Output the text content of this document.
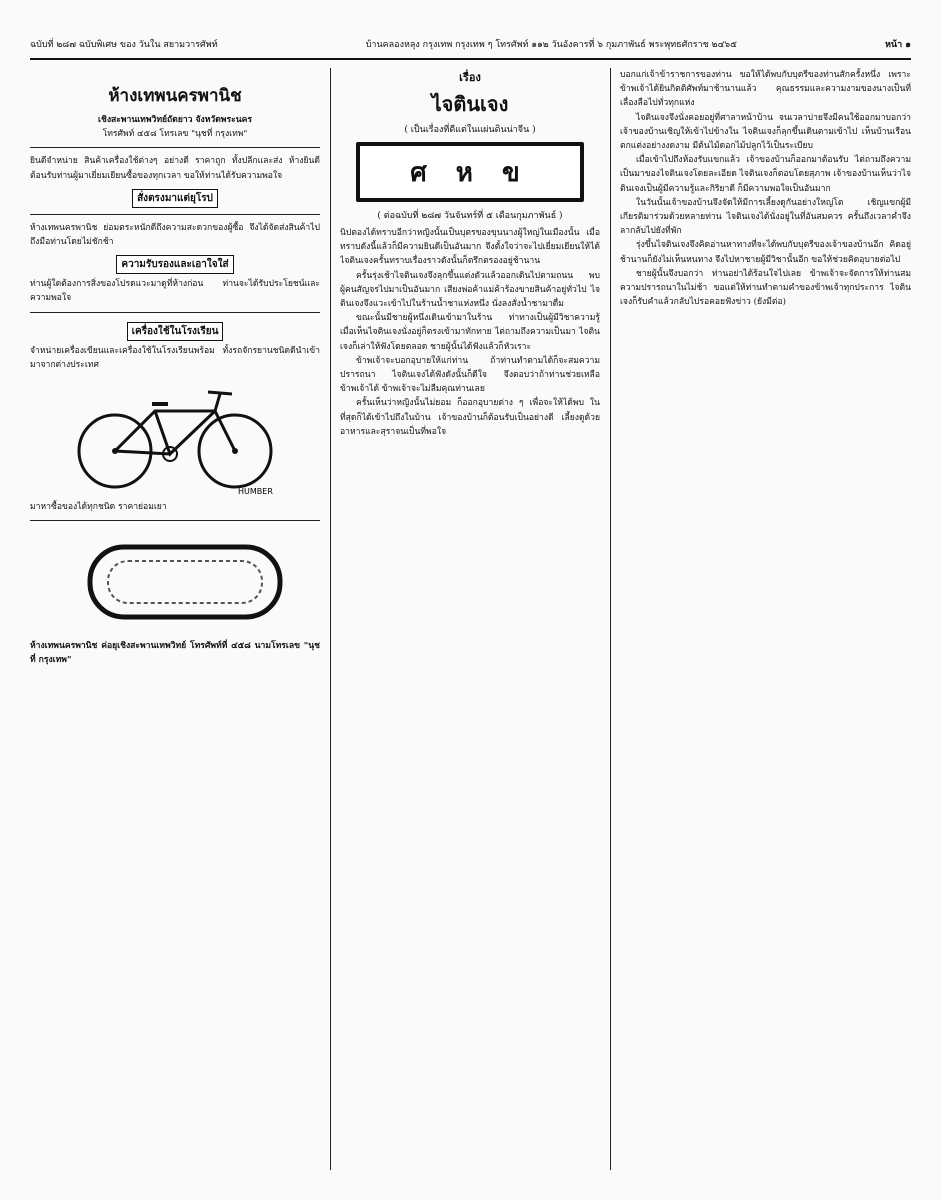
ฉบับที่ ๒๘๗ ฉบับพิเศษ ของ วันใน สยามวารศัพท์	บ้านคลองหลุง กรุงเทพ กรุงเทพ ๆ โทรศัพท์ ๑๑๒ วันอังคารที่ ๖ กุมภาพันธ์ พระพุทธศักราช ๒๔๖๕	หน้า ๑
ห้างเทพนครพานิช

เชิงสะพานเทพวิทย์ถัดยาว จังหวัดพระนคร

โทรศัพท์ ๔๕๘ โทรเลข "นุชที่ กรุงเทพ"

ยินดีจำหน่าย สินค้าเครื่องใช้ต่างๆ อย่างดี ราคาถูก ทั้งปลีกและส่ง ห้างยินดีต้อนรับท่านผู้มาเยี่ยมเยียนซื้อของทุกเวลา ขอให้ท่านได้รับความพอใจ

สั่งตรงมาแต่ยุโรป

ห้างเทพนครพานิช ย่อมตระหนักดีถึงความสะดวกของผู้ซื้อ จึงได้จัดส่งสินค้าไปถึงมือท่านโดยไม่ชักช้า

ความรับรองและเอาใจใส่

ท่านผู้ใดต้องการสิ่งของโปรดแวะมาดูที่ห้างก่อน ท่านจะได้รับประโยชน์และความพอใจ

เครื่องใช้ในโรงเรียน

จำหน่ายเครื่องเขียนและเครื่องใช้ในโรงเรียนพร้อม ทั้งรถจักรยานชนิดดีนำเข้ามาจากต่างประเทศ

HUMBER

มาหาซื้อของได้ทุกชนิด ราคาย่อมเยา

ห้างเทพนครพานิช ค่อยุเชิงสะพานเทพวิทย์ โทรศัพท์ที่ ๔๕๘ นามโทรเลข "นุชที่ กรุงเทพ"

เรื่อง
ไจตินเจง
( เป็นเรื่องที่ดีแต่ในแผ่นดินน่าจีน )
ศ ห ข
( ต่อฉบับที่ ๒๘๗ วันจันทร์ที่ ๕ เดือนกุมภาพันธ์ )

นิปตองได้ทราบอีกว่าหญิงนั้นเป็นบุตรของขุนนางผู้ใหญ่ในเมืองนั้น เมื่อทราบดังนี้แล้วก็มีความยินดีเป็นอันมาก จึงตั้งใจว่าจะไปเยี่ยมเยียนให้ได้ ไจตินเจงครั้นทราบเรื่องราวดังนั้นก็ตรึกตรองอยู่ช้านาน

ครั้นรุ่งเช้าไจตินเจงจึงลุกขึ้นแต่งตัวแล้วออกเดินไปตามถนน พบผู้คนสัญจรไปมาเป็นอันมาก เสียงพ่อค้าแม่ค้าร้องขายสินค้าอยู่ทั่วไป ไจตินเจงจึงแวะเข้าไปในร้านน้ำชาแห่งหนึ่ง นั่งลงสั่งน้ำชามาดื่ม

ขณะนั้นมีชายผู้หนึ่งเดินเข้ามาในร้าน ท่าทางเป็นผู้มีวิชาความรู้ เมื่อเห็นไจตินเจงนั่งอยู่ก็ตรงเข้ามาทักทาย ไต่ถามถึงความเป็นมา ไจตินเจงก็เล่าให้ฟังโดยตลอด ชายผู้นั้นได้ฟังแล้วก็หัวเราะ

ข้าพเจ้าจะบอกอุบายให้แก่ท่าน ถ้าท่านทำตามได้ก็จะสมความปรารถนา ไจตินเจงได้ฟังดังนั้นก็ดีใจ จึงตอบว่าถ้าท่านช่วยเหลือข้าพเจ้าได้ ข้าพเจ้าจะไม่ลืมคุณท่านเลย

ครั้นเห็นว่าหญิงนั้นไม่ยอม ก็ออกอุบายต่าง ๆ เพื่อจะให้ได้พบ ในที่สุดก็ได้เข้าไปถึงในบ้าน เจ้าของบ้านก็ต้อนรับเป็นอย่างดี เลี้ยงดูด้วยอาหารและสุราจนเป็นที่พอใจ

บอกแก่เจ้าข้าราชการของท่าน ขอให้ได้พบกับบุตรีของท่านสักครั้งหนึ่ง เพราะข้าพเจ้าได้ยินกิตติศัพท์มาช้านานแล้ว คุณธรรมและความงามของนางเป็นที่เลื่องลือไปทั่วทุกแห่ง

ไจตินเจงจึงนั่งคอยอยู่ที่ศาลาหน้าบ้าน จนเวลาบ่ายจึงมีคนใช้ออกมาบอกว่าเจ้าของบ้านเชิญให้เข้าไปข้างใน ไจตินเจงก็ลุกขึ้นเดินตามเข้าไป เห็นบ้านเรือนตกแต่งอย่างงดงาม มีต้นไม้ดอกไม้ปลูกไว้เป็นระเบียบ

เมื่อเข้าไปถึงห้องรับแขกแล้ว เจ้าของบ้านก็ออกมาต้อนรับ ไต่ถามถึงความเป็นมาของไจตินเจงโดยละเอียด ไจตินเจงก็ตอบโดยสุภาพ เจ้าของบ้านเห็นว่าไจตินเจงเป็นผู้มีความรู้และกิริยาดี ก็มีความพอใจเป็นอันมาก

ในวันนั้นเจ้าของบ้านจึงจัดให้มีการเลี้ยงดูกันอย่างใหญ่โต เชิญแขกผู้มีเกียรติมาร่วมด้วยหลายท่าน ไจตินเจงได้นั่งอยู่ในที่อันสมควร ครั้นถึงเวลาค่ำจึงลากลับไปยังที่พัก

รุ่งขึ้นไจตินเจงจึงคิดอ่านหาทางที่จะได้พบกับบุตรีของเจ้าของบ้านอีก คิดอยู่ช้านานก็ยังไม่เห็นหนทาง จึงไปหาชายผู้มีวิชานั้นอีก ขอให้ช่วยคิดอุบายต่อไป

ชายผู้นั้นจึงบอกว่า ท่านอย่าได้ร้อนใจไปเลย ข้าพเจ้าจะจัดการให้ท่านสมความปรารถนาในไม่ช้า ขอแต่ให้ท่านทำตามคำของข้าพเจ้าทุกประการ ไจตินเจงก็รับคำแล้วกลับไปรอคอยฟังข่าว (ยังมีต่อ)
